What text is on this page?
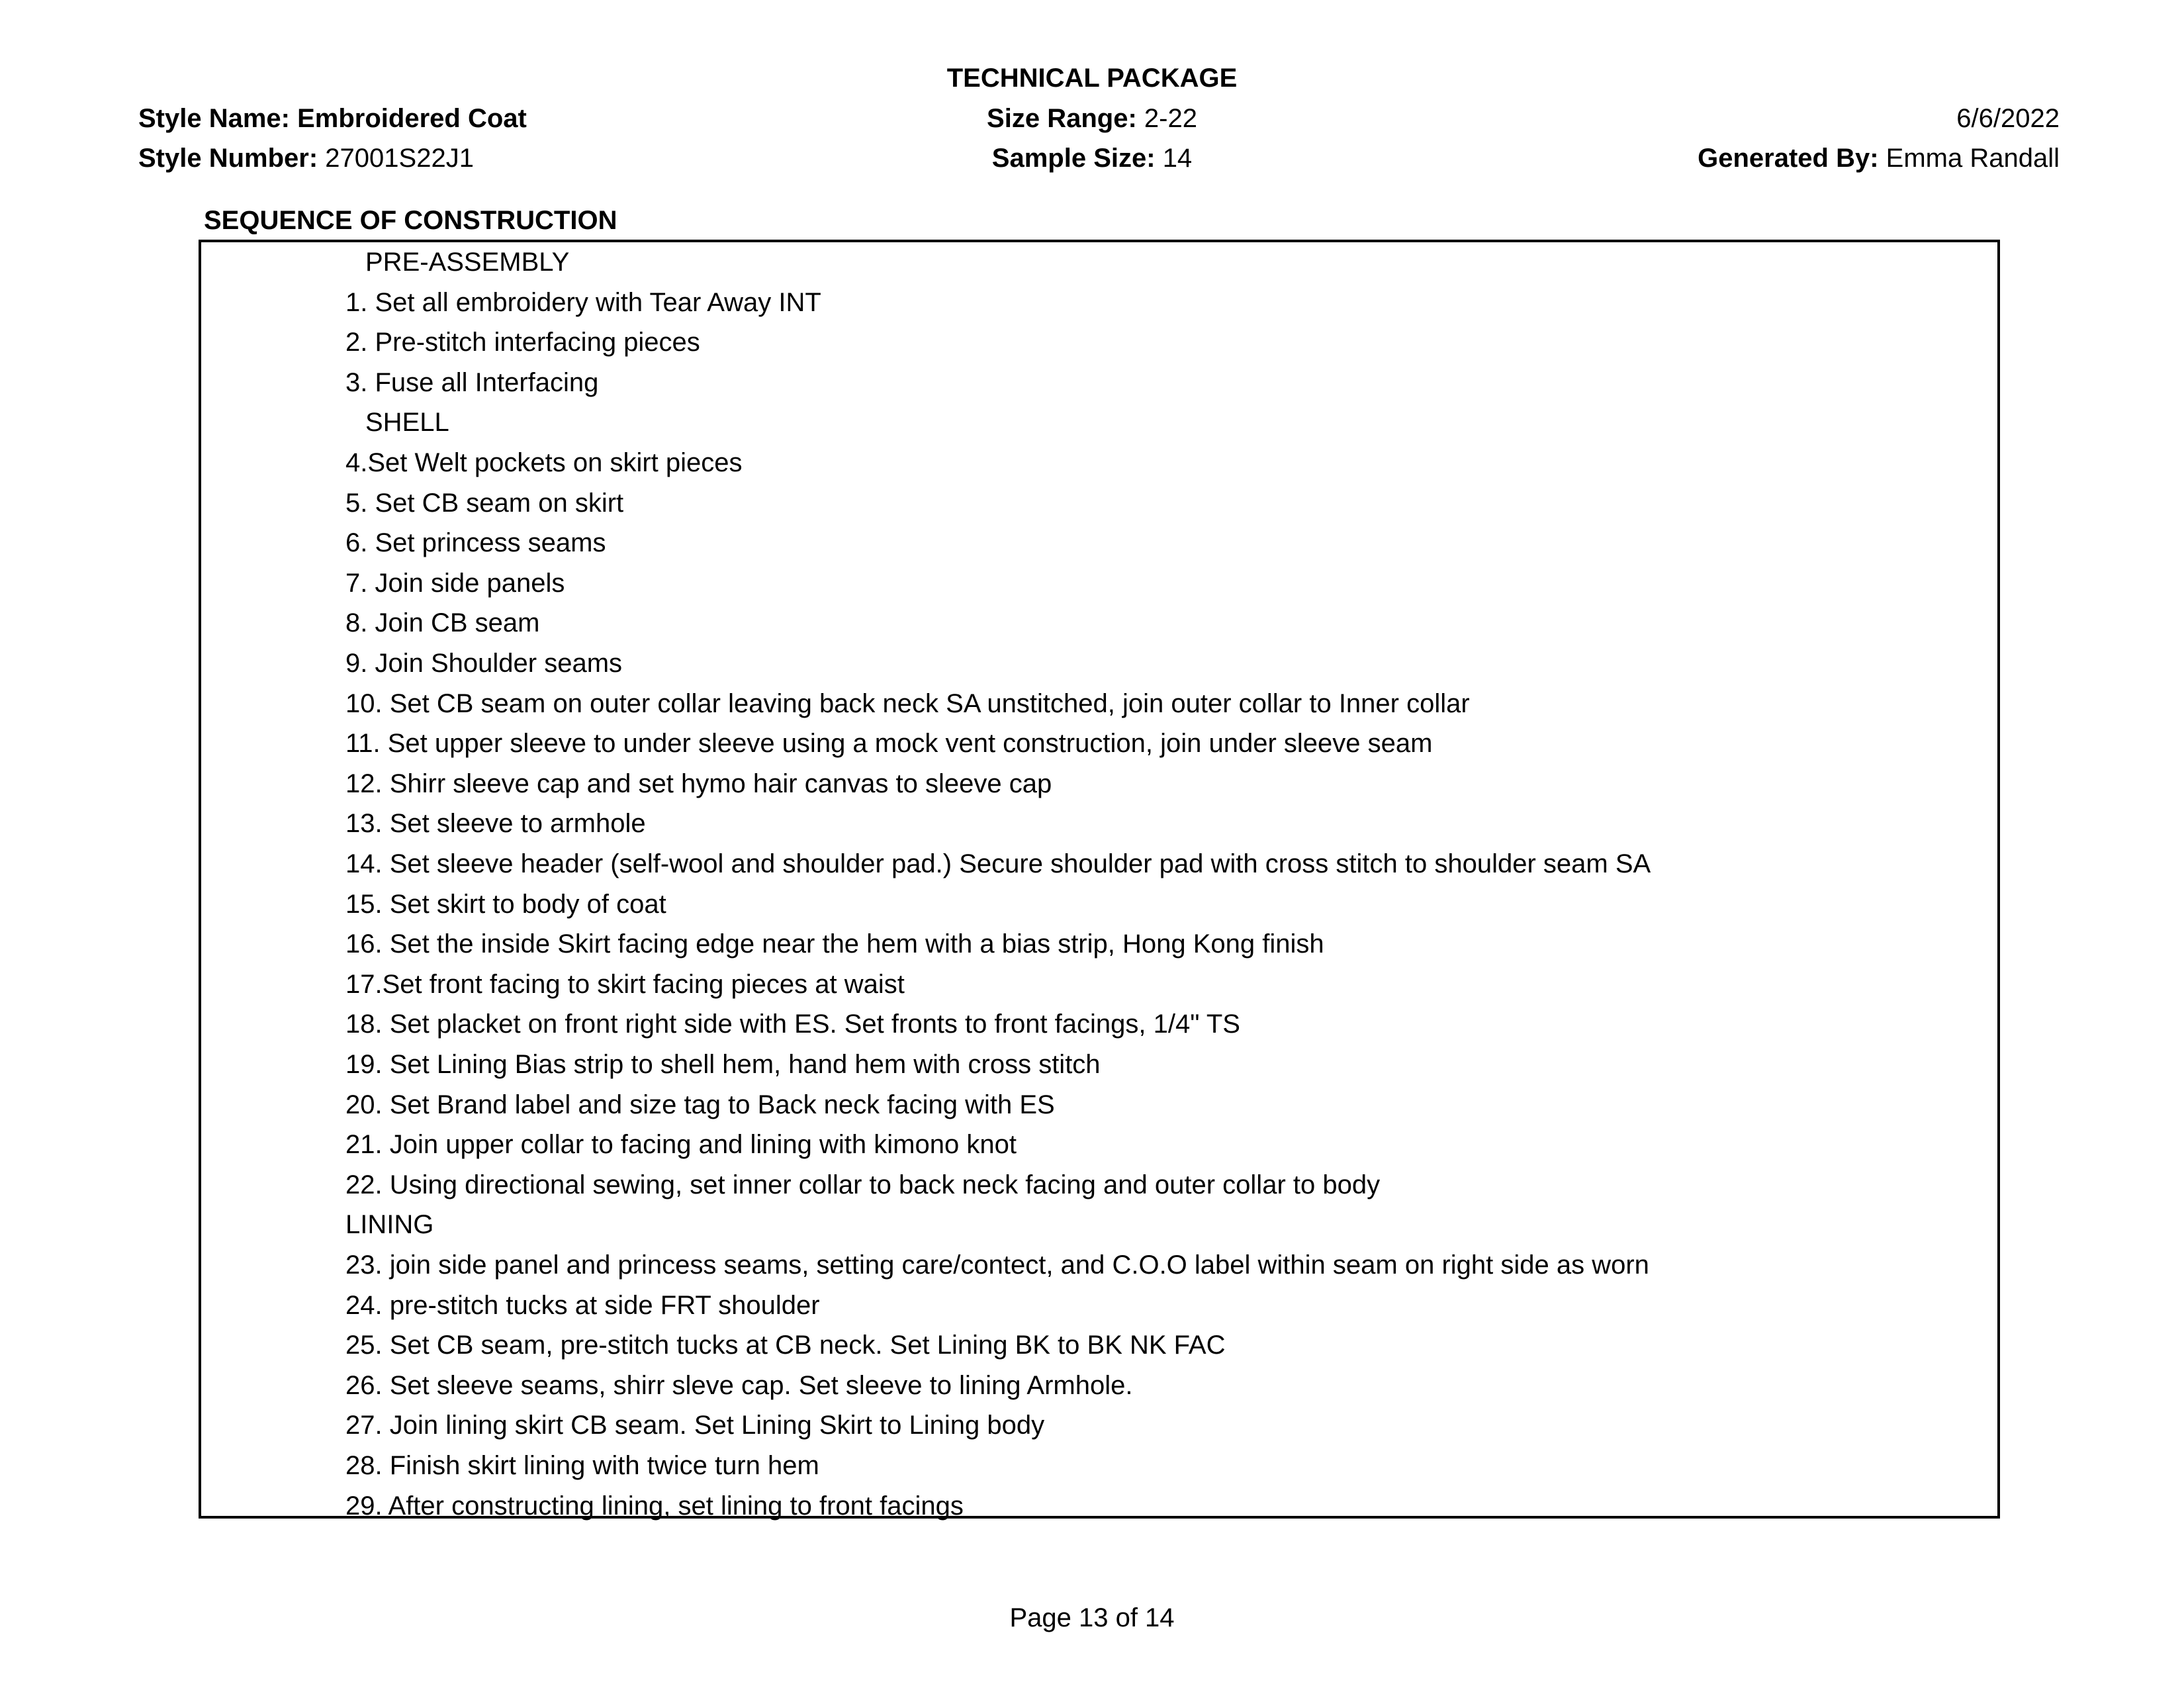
TECHNICAL PACKAGE
Style Name: Embroidered Coat
Style Number: 27001S22J1
Size Range: 2-22
Sample Size: 14
6/6/2022
Generated By: Emma Randall
SEQUENCE OF CONSTRUCTION
PRE-ASSEMBLY
1. Set all embroidery with Tear Away INT
2. Pre-stitch interfacing pieces
3. Fuse all Interfacing
SHELL
4.Set Welt pockets on skirt pieces
5. Set CB seam on skirt
6. Set princess seams
7. Join side panels
8. Join CB seam
9. Join Shoulder seams
10. Set CB seam on outer collar leaving back neck SA unstitched, join outer collar to Inner collar
11. Set upper sleeve to under sleeve using a mock vent construction, join under sleeve seam
12. Shirr sleeve cap and set hymo hair canvas to sleeve cap
13. Set sleeve to armhole
14. Set sleeve header (self-wool and shoulder pad.) Secure shoulder pad with cross stitch to shoulder seam SA
15. Set skirt to body of coat
16. Set the inside Skirt facing edge near the hem with a bias strip, Hong Kong finish
17.Set front facing to skirt facing pieces at waist
18. Set placket on front right side with ES. Set fronts to front facings, 1/4" TS
19. Set Lining Bias strip to shell hem, hand hem with cross stitch
20. Set Brand label and size tag to Back neck facing with ES
21. Join upper collar to facing and lining with kimono knot
22. Using directional sewing, set inner collar to back neck facing and outer collar to body
LINING
23. join side panel and princess seams, setting care/contect, and C.O.O label within seam on right side as worn
24. pre-stitch tucks at side FRT shoulder
25. Set CB seam, pre-stitch tucks at CB neck. Set Lining BK to BK NK FAC
26. Set sleeve seams, shirr sleve cap. Set sleeve to lining Armhole.
27. Join lining skirt CB seam. Set Lining Skirt to Lining body
28. Finish skirt lining with twice turn hem
29. After constructing lining, set lining to front facings
Page 13 of 14
